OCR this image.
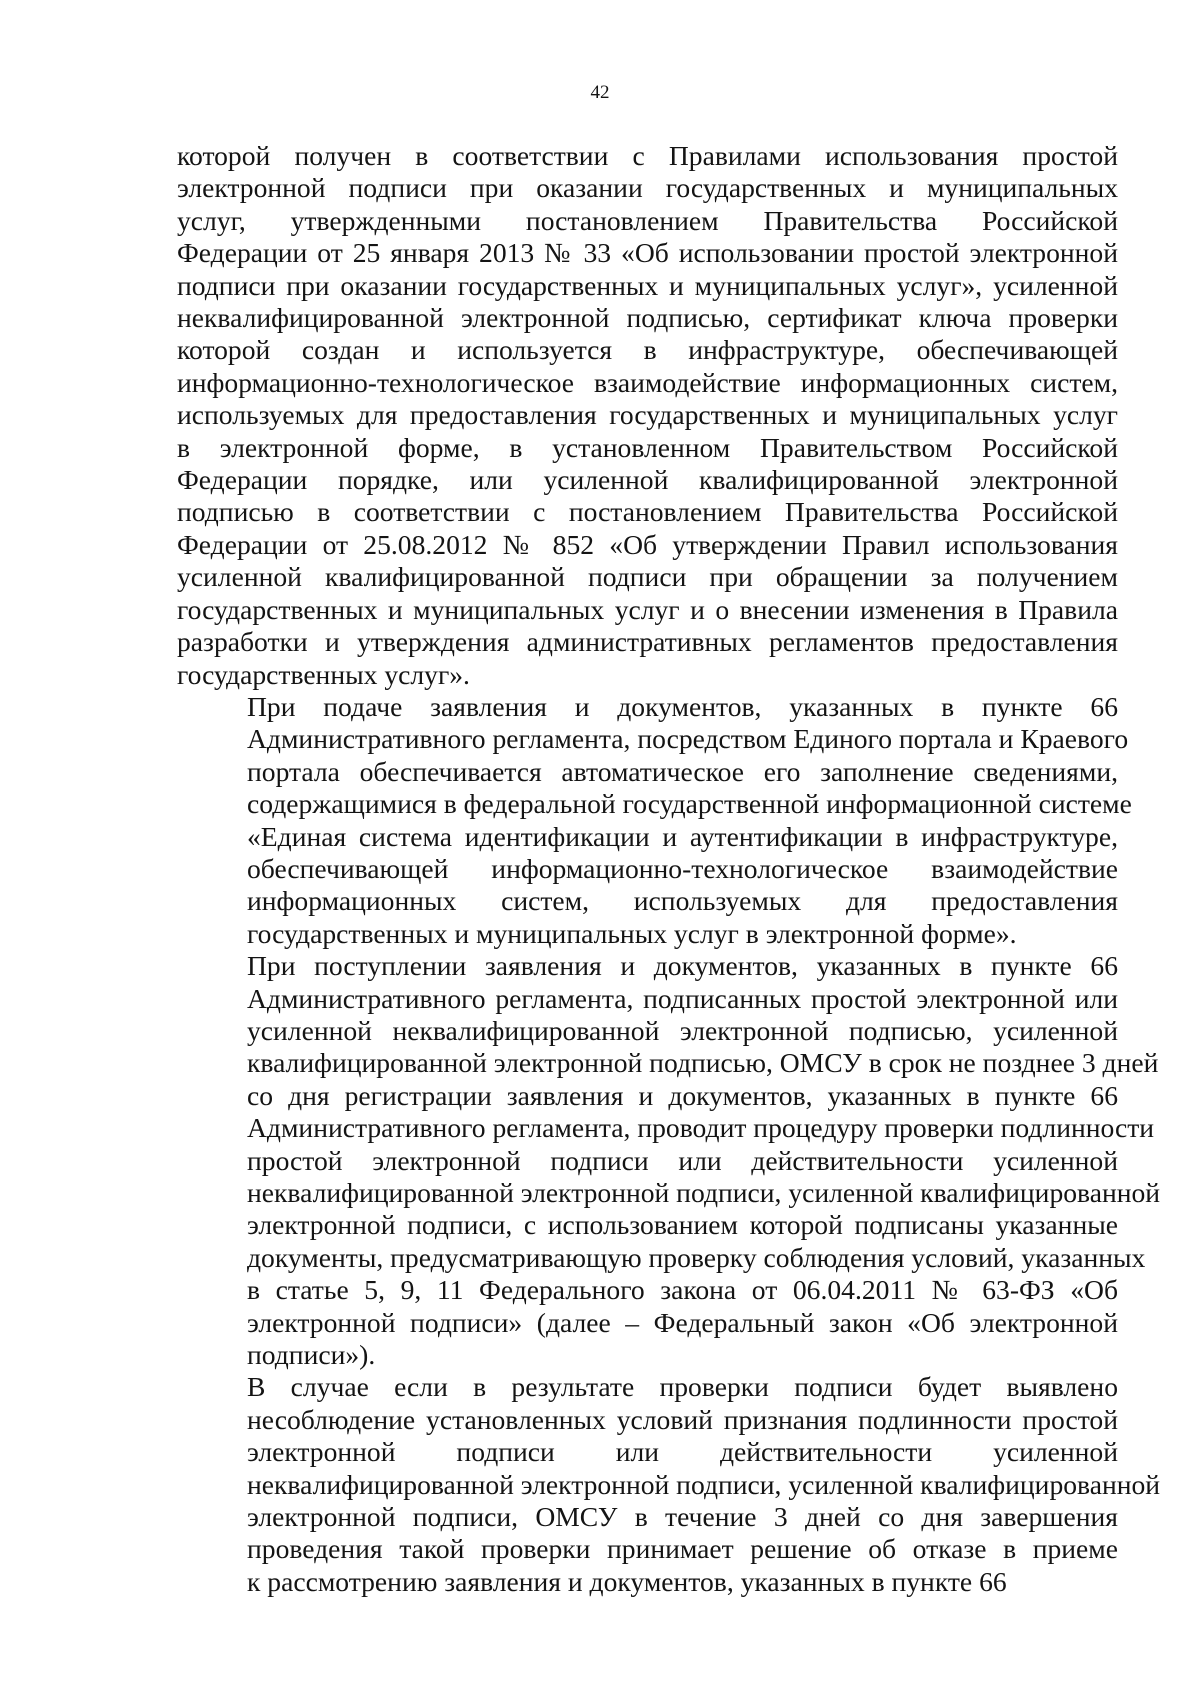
42
которой получен в соответствии с Правилами использования простой
электронной подписи при оказании государственных и муниципальных
услуг, утвержденными постановлением Правительства Российской
Федерации от 25 января 2013 № 33 «Об использовании простой электронной
подписи при оказании государственных и муниципальных услуг», усиленной
неквалифицированной электронной подписью, сертификат ключа проверки
которой создан и используется в инфраструктуре, обеспечивающей
информационно-технологическое взаимодействие информационных систем,
используемых для предоставления государственных и муниципальных услуг
в электронной форме, в установленном Правительством Российской
Федерации порядке, или усиленной квалифицированной электронной
подписью в соответствии с постановлением Правительства Российской
Федерации от 25.08.2012 № 852 «Об утверждении Правил использования
усиленной квалифицированной подписи при обращении за получением
государственных и муниципальных услуг и о внесении изменения в Правила
разработки и утверждения административных регламентов предоставления
государственных услуг».
При подаче заявления и документов, указанных в пункте 66
Административного регламента, посредством Единого портала и Краевого
портала обеспечивается автоматическое его заполнение сведениями,
содержащимися в федеральной государственной информационной системе
«Единая система идентификации и аутентификации в инфраструктуре,
обеспечивающей информационно-технологическое взаимодействие
информационных систем, используемых для предоставления
государственных и муниципальных услуг в электронной форме».
При поступлении заявления и документов, указанных в пункте 66
Административного регламента, подписанных простой электронной или
усиленной неквалифицированной электронной подписью, усиленной
квалифицированной электронной подписью, ОМСУ в срок не позднее 3 дней
со дня регистрации заявления и документов, указанных в пункте 66
Административного регламента, проводит процедуру проверки подлинности
простой электронной подписи или действительности усиленной
неквалифицированной электронной подписи, усиленной квалифицированной
электронной подписи, с использованием которой подписаны указанные
документы, предусматривающую проверку соблюдения условий, указанных
в статье 5, 9, 11 Федерального закона от 06.04.2011 № 63-ФЗ «Об
электронной подписи» (далее – Федеральный закон «Об электронной
подписи»).
В случае если в результате проверки подписи будет выявлено
несоблюдение установленных условий признания подлинности простой
электронной подписи или действительности усиленной
неквалифицированной электронной подписи, усиленной квалифицированной
электронной подписи, ОМСУ в течение 3 дней со дня завершения
проведения такой проверки принимает решение об отказе в приеме
к рассмотрению заявления и документов, указанных в пункте 66
